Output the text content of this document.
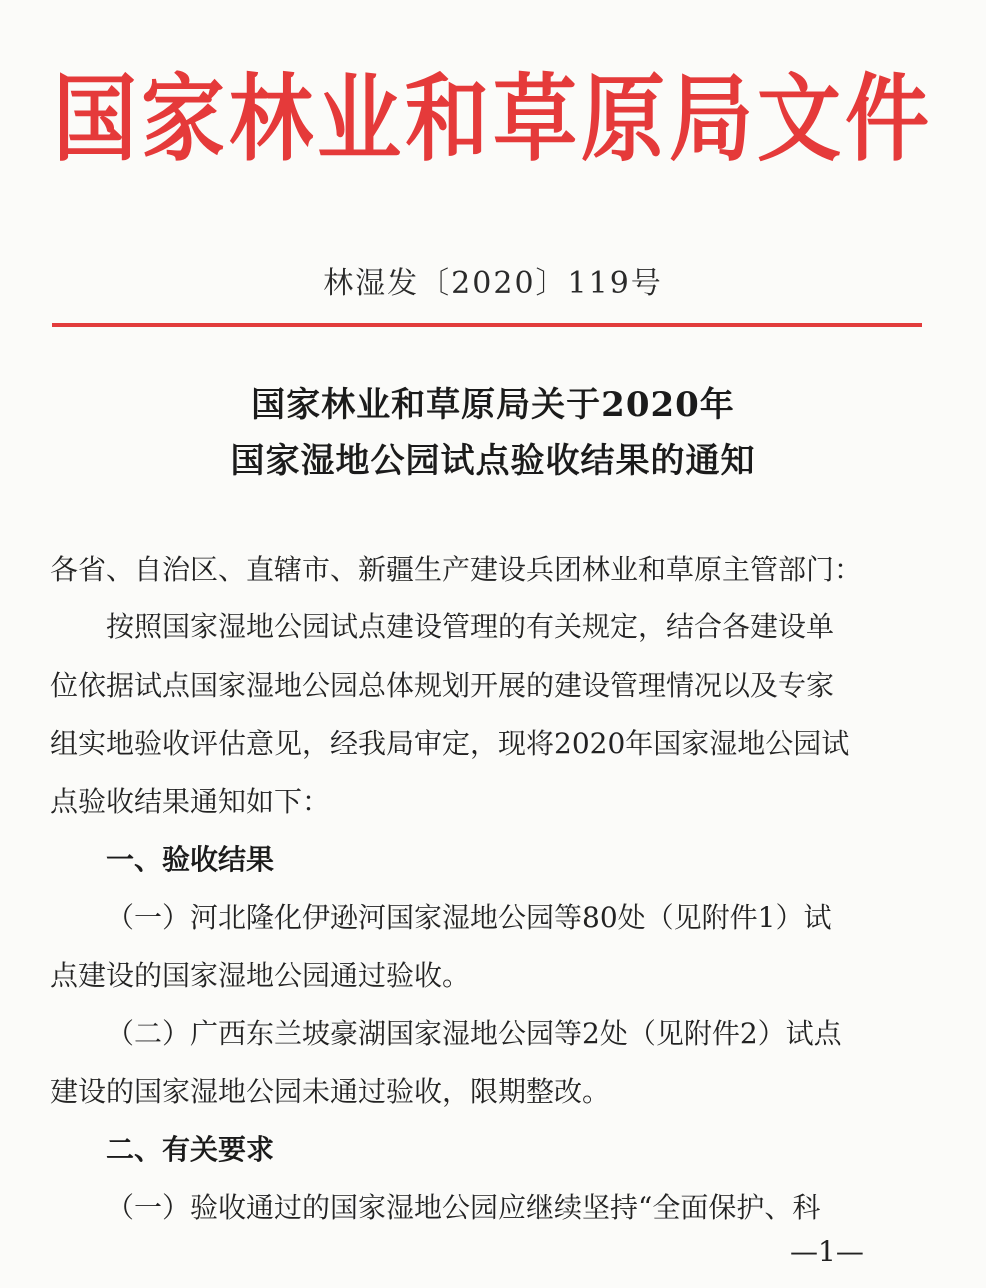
国家林业和草原局文件
林湿发〔2020〕119号
国家林业和草原局关于2020年
国家湿地公园试点验收结果的通知
各省、自治区、直辖市、新疆生产建设兵团林业和草原主管部门：
按照国家湿地公园试点建设管理的有关规定，结合各建设单
位依据试点国家湿地公园总体规划开展的建设管理情况以及专家
组实地验收评估意见，经我局审定，现将2020年国家湿地公园试
点验收结果通知如下：
一、验收结果
（一）河北隆化伊逊河国家湿地公园等80处（见附件1）试
点建设的国家湿地公园通过验收。
（二）广西东兰坡豪湖国家湿地公园等2处（见附件2）试点
建设的国家湿地公园未通过验收，限期整改。
二、有关要求
（一）验收通过的国家湿地公园应继续坚持“全面保护、科
—1—
